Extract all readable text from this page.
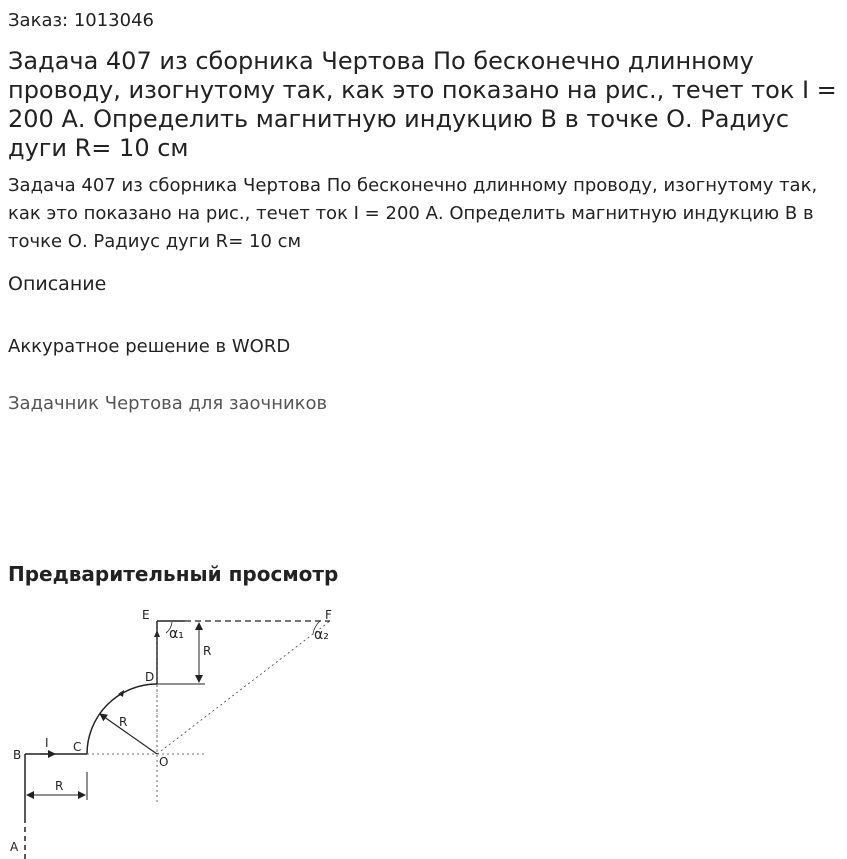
Заказ: 1013046
Задача 407 из сборника Чертова По бесконечно длинному проводу, изогнутому так, как это показано на рис., течет ток I = 200 А. Определить магнитную индукцию В в точке О. Радиус дуги R= 10 см

Задача 407 из сборника Чертова По бесконечно длинному проводу, изогнутому так, как это показано на рис., течет ток I = 200 А. Определить магнитную индукцию В в точке О. Радиус дуги R= 10 см

Описание
Аккуратное решение в WORD
Задачник Чертова для заочников
Предварительный просмотр
A
B
C
D
E	F
O
I
R
R
R
α₁	α₂
